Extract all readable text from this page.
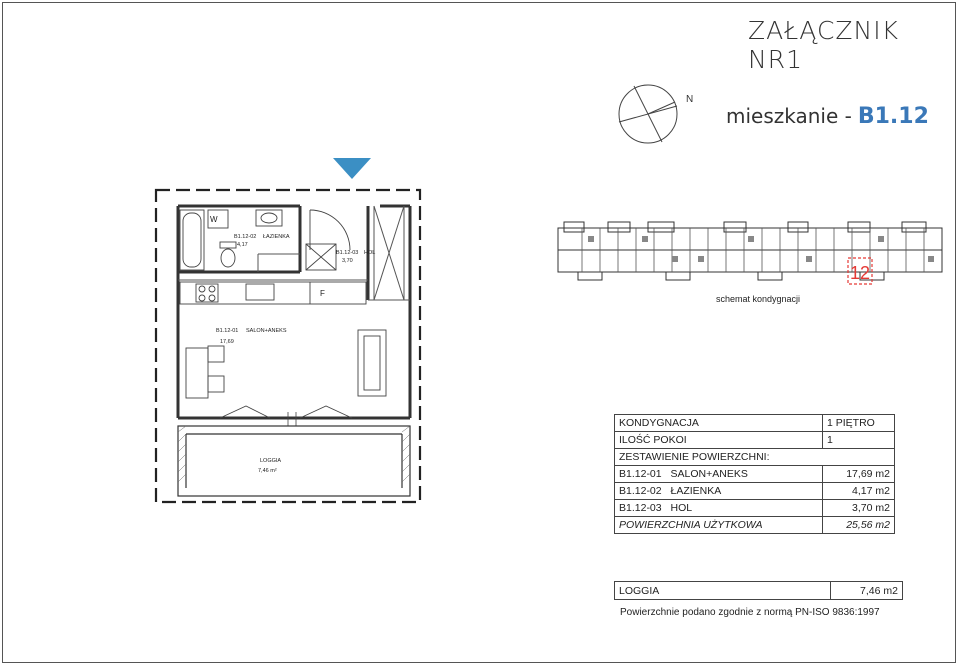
ZAŁĄCZNIK NR1
N
mieszkanie - B1.12
12
schemat kondygnacji
W
F
B1.12-02 ŁAZIENKA
4,17
B1.12-03 HOL
3,70
B1.12-01 SALON+ANEKS
17,69
LOGGIA
7,46 m²
KONDYGNACJA		1 PIĘTRO
ILOŚĆ POKOI		1
ZESTAWIENIE POWIERZCHNI:		
B1.12-01	SALON+ANEKS	17,69 m2
B1.12-02	ŁAZIENKA	4,17 m2
B1.12-03	HOL	3,70 m2
POWIERZCHNIA UŻYTKOWA		25,56 m2
LOGGIA	7,46 m2
Powierzchnie podano zgodnie z normą PN-ISO 9836:1997
